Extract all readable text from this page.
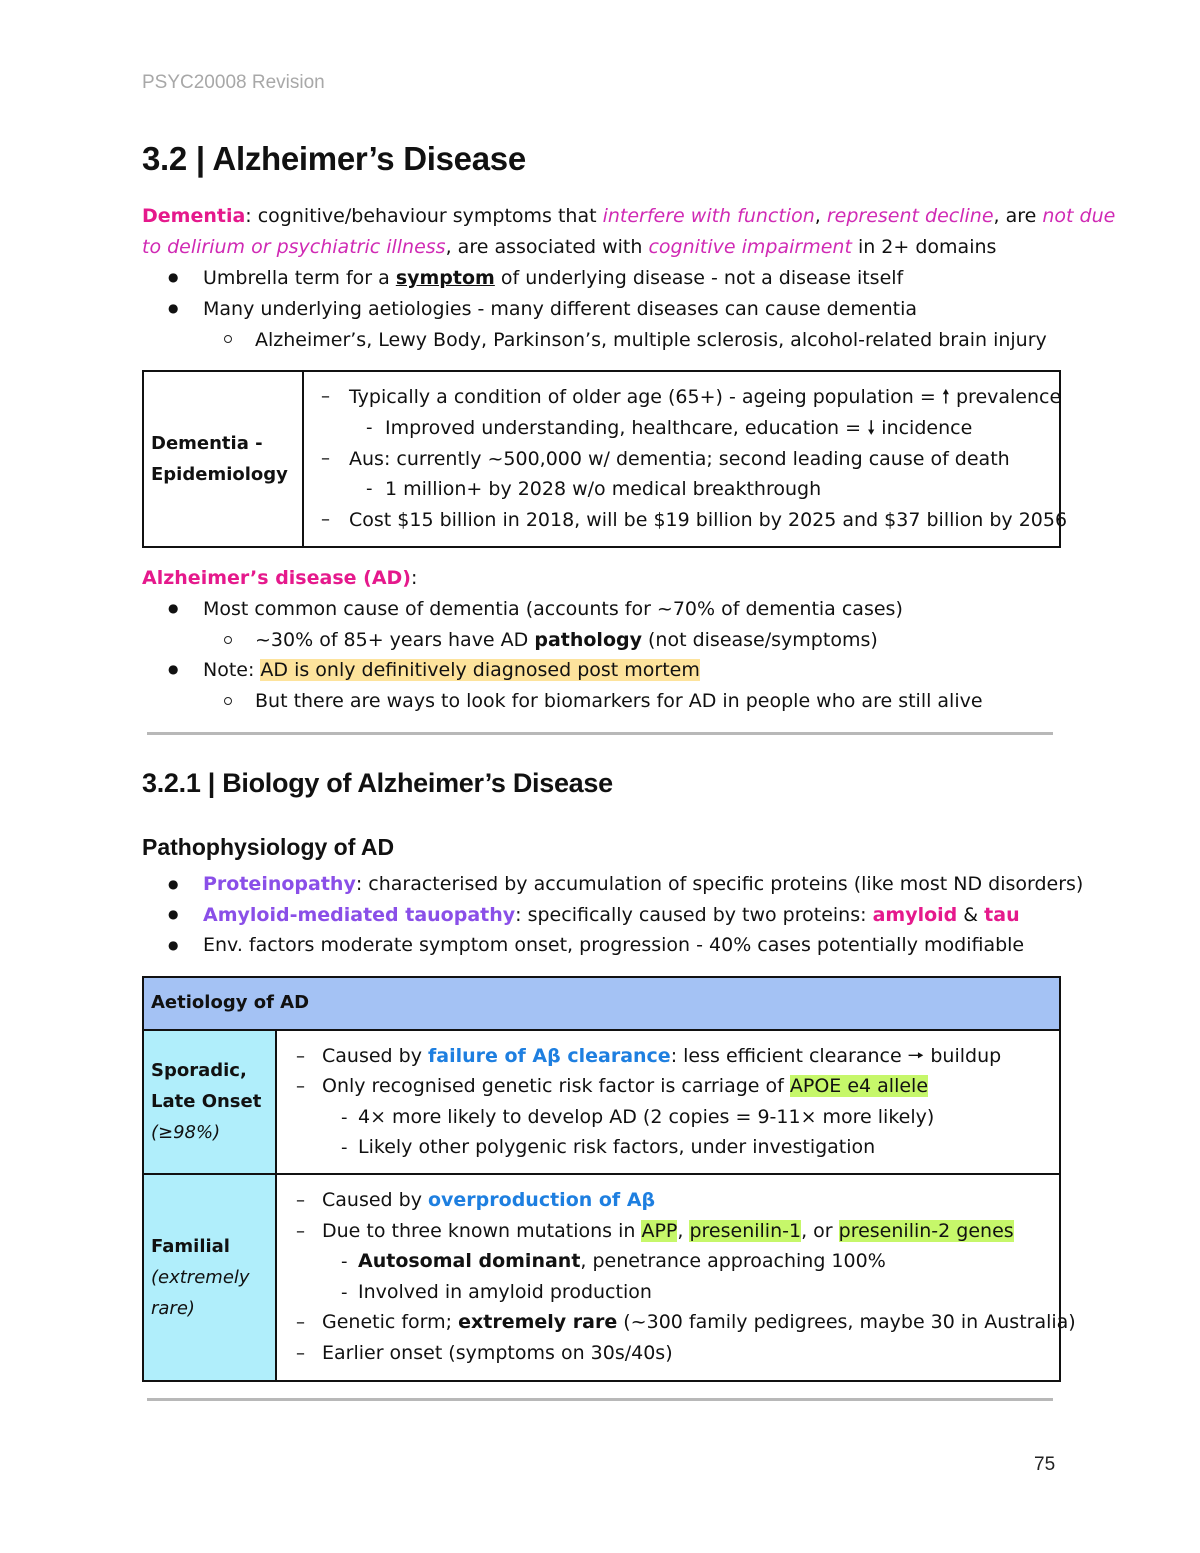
PSYC20008 Revision
3.2 | Alzheimer’s Disease
Dementia: cognitive/behaviour symptoms that interfere with function, represent decline, are not due
to delirium or psychiatric illness, are associated with cognitive impairment in 2+ domains
● Umbrella term for a symptom of underlying disease - not a disease itself
● Many underlying aetiologies - many different diseases can cause dementia
Alzheimer’s, Lewy Body, Parkinson’s, multiple sclerosis, alcohol-related brain injury
Dementia -
Epidemiology
– Typically a condition of older age (65+) - ageing population = 🠕 prevalence
- Improved understanding, healthcare, education = 🠗 incidence
– Aus: currently ~500,000 w/ dementia; second leading cause of death
- 1 million+ by 2028 w/o medical breakthrough
– Cost $15 billion in 2018, will be $19 billion by 2025 and $37 billion by 2056
Alzheimer’s disease (AD):
● Most common cause of dementia (accounts for ~70% of dementia cases)
~30% of 85+ years have AD pathology (not disease/symptoms)
● Note: AD is only definitively diagnosed post mortem
But there are ways to look for biomarkers for AD in people who are still alive
3.2.1 | Biology of Alzheimer’s Disease
Pathophysiology of AD
● Proteinopathy: characterised by accumulation of specific proteins (like most ND disorders)
● Amyloid-mediated tauopathy: specifically caused by two proteins: amyloid & tau
● Env. factors moderate symptom onset, progression - 40% cases potentially modifiable
Aetiology of AD
Sporadic,
Late Onset
(≥98%)
– Caused by failure of Aβ clearance: less efficient clearance 🠖 buildup
– Only recognised genetic risk factor is carriage of APOE e4 allele
- 4× more likely to develop AD (2 copies = 9-11× more likely)
- Likely other polygenic risk factors, under investigation
Familial
(extremely
rare)
– Caused by overproduction of Aβ
– Due to three known mutations in APP, presenilin-1, or presenilin-2 genes
- Autosomal dominant, penetrance approaching 100%
- Involved in amyloid production
– Genetic form; extremely rare (~300 family pedigrees, maybe 30 in Australia)
– Earlier onset (symptoms on 30s/40s)
75
